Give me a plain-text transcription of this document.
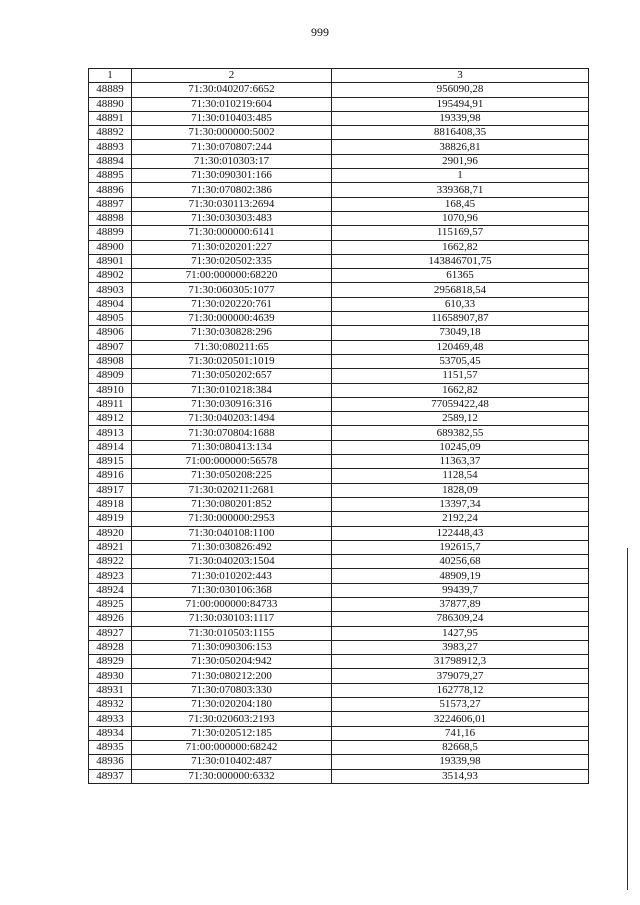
999
1	2	3
48889	71:30:040207:6652	956090,28
48890	71:30:010219:604	195494,91
48891	71:30:010403:485	19339,98
48892	71:30:000000:5002	8816408,35
48893	71:30:070807:244	38826,81
48894	71:30:010303:17	2901,96
48895	71:30:090301:166	1
48896	71:30:070802:386	339368,71
48897	71:30:030113:2694	168,45
48898	71:30:030303:483	1070,96
48899	71:30:000000:6141	115169,57
48900	71:30:020201:227	1662,82
48901	71:30:020502:335	143846701,75
48902	71:00:000000:68220	61365
48903	71:30:060305:1077	2956818,54
48904	71:30:020220:761	610,33
48905	71:30:000000:4639	11658907,87
48906	71:30:030828:296	73049,18
48907	71:30:080211:65	120469,48
48908	71:30:020501:1019	53705,45
48909	71:30:050202:657	1151,57
48910	71:30:010218:384	1662,82
48911	71:30:030916:316	77059422,48
48912	71:30:040203:1494	2589,12
48913	71:30:070804:1688	689382,55
48914	71:30:080413:134	10245,09
48915	71:00:000000:56578	11363,37
48916	71:30:050208:225	1128,54
48917	71:30:020211:2681	1828,09
48918	71:30:080201:852	13397,34
48919	71:30:000000:2953	2192,24
48920	71:30:040108:1100	122448,43
48921	71:30:030826:492	192615,7
48922	71:30:040203:1504	40256,68
48923	71:30:010202:443	48909,19
48924	71:30:030106:368	99439,7
48925	71:00:000000:84733	37877,89
48926	71:30:030103:1117	786309,24
48927	71:30:010503:1155	1427,95
48928	71:30:090306:153	3983,27
48929	71:30:050204:942	31798912,3
48930	71:30:080212:200	379079,27
48931	71:30:070803:330	162778,12
48932	71:30:020204:180	51573,27
48933	71:30:020603:2193	3224606,01
48934	71:30:020512:185	741,16
48935	71:00:000000:68242	82668,5
48936	71:30:010402:487	19339,98
48937	71:30:000000:6332	3514,93
